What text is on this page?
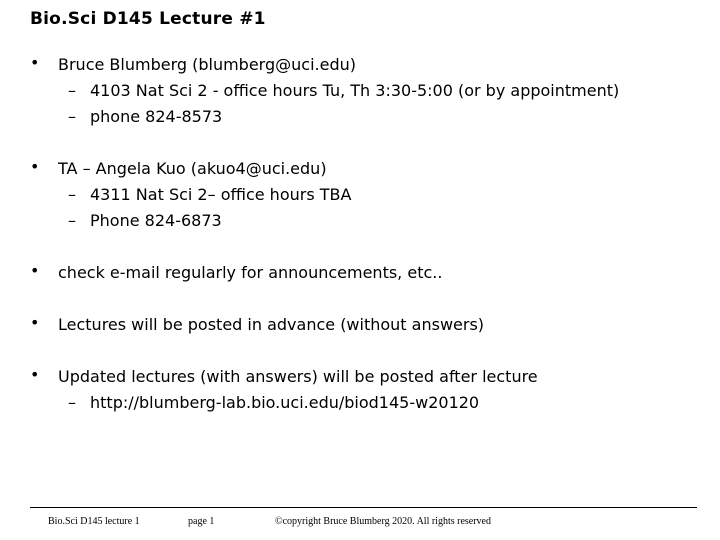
Bio.Sci D145 Lecture #1
• Bruce Blumberg (blumberg@uci.edu)
– 4103 Nat Sci 2 - office hours Tu, Th 3:30-5:00 (or by appointment)
– phone 824-8573
• TA – Angela Kuo (akuo4@uci.edu)
– 4311 Nat Sci 2– office hours TBA
– Phone 824-6873
• check e-mail regularly for announcements, etc..
• Lectures will be posted in advance (without answers)
• Updated lectures (with answers) will be posted after lecture
– http://blumberg-lab.bio.uci.edu/biod145-w20120
Bio.Sci D145 lecture 1	page 1	©copyright Bruce Blumberg 2020. All rights reserved
